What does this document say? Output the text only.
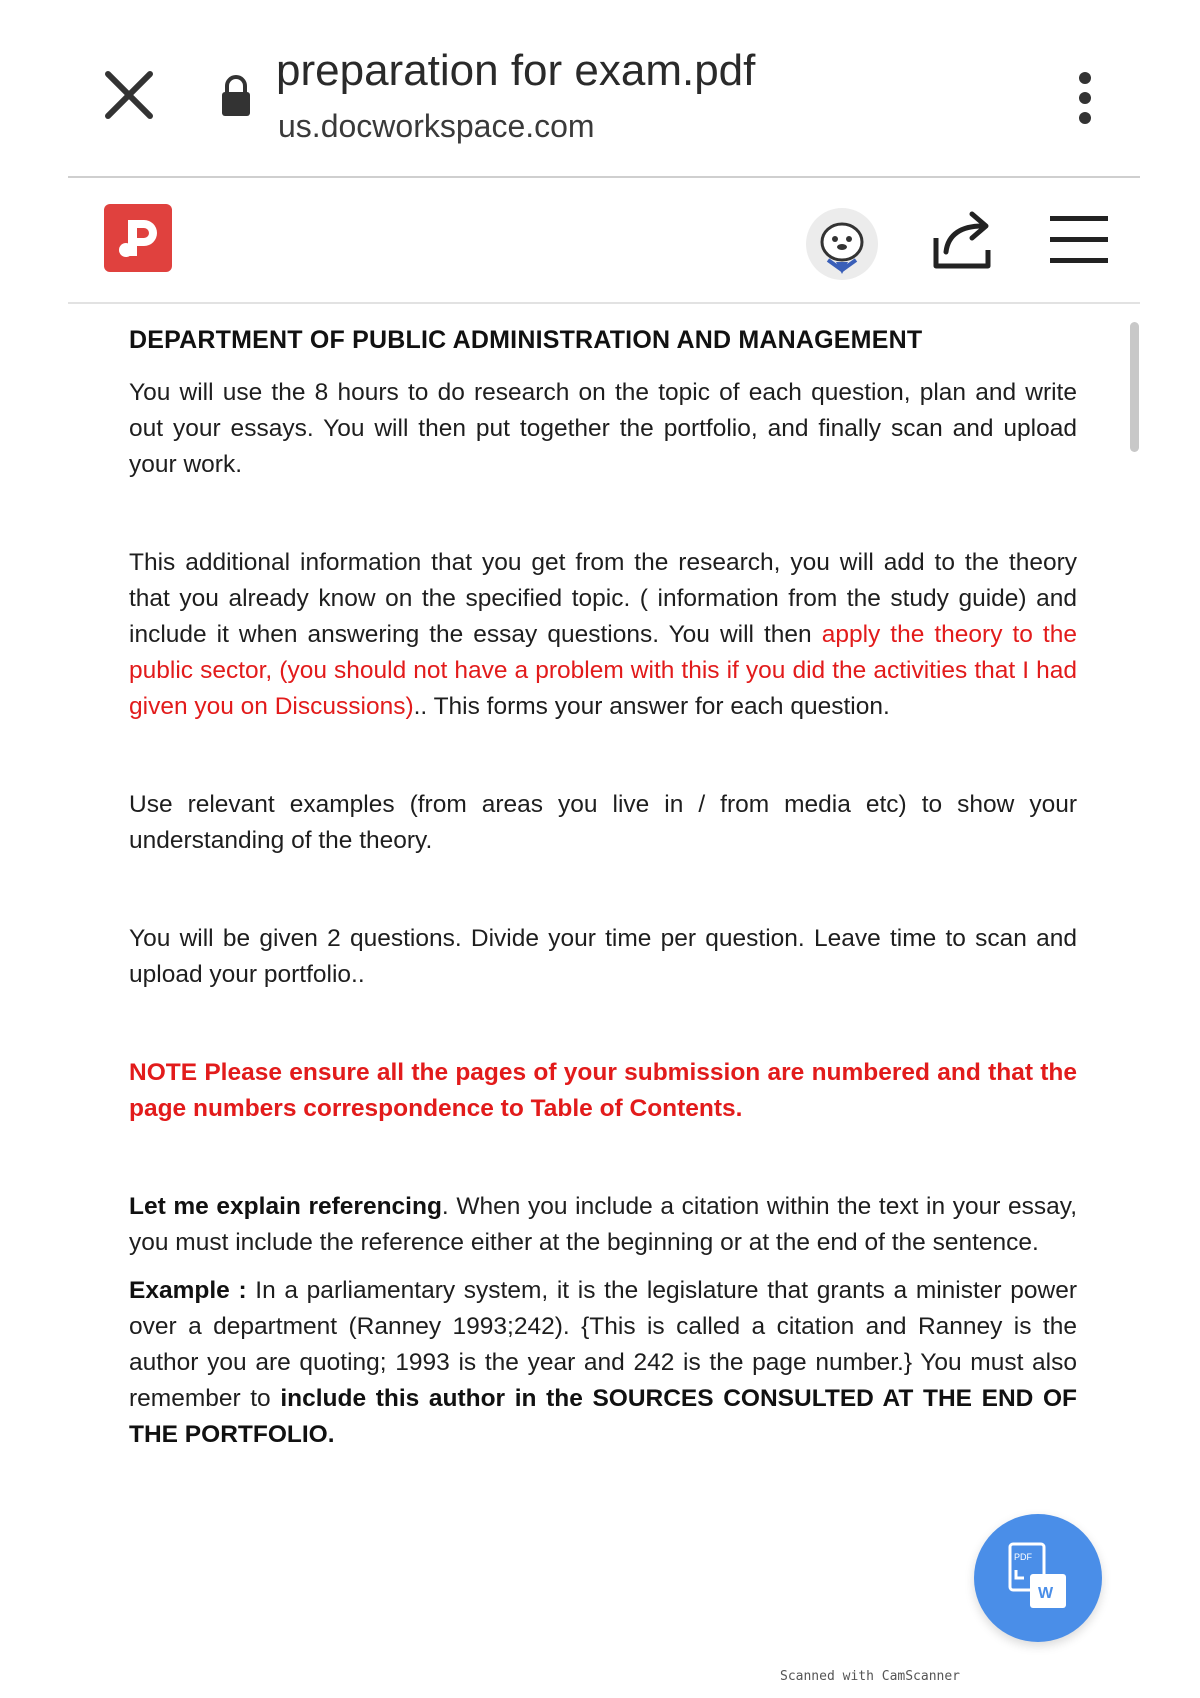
preparation for exam.pdf
us.docworkspace.com
DEPARTMENT OF PUBLIC ADMINISTRATION AND MANAGEMENT

You will use the 8 hours to do research on the topic of each question, plan and write out your essays. You will then put together the portfolio, and finally scan and upload your work.

This additional information that you get from the research, you will add to the theory that you already know on the specified topic. ( information from the study guide) and include it when answering the essay questions. You will then apply the theory to the public sector, (you should not have a problem with this if you did the activities that I had given you on Discussions).. This forms your answer for each question.

Use relevant examples (from areas you live in / from media etc) to show your understanding of the theory.

You will be given 2 questions. Divide your time per question. Leave time to scan and upload your portfolio..

NOTE Please ensure all the pages of your submission are numbered and that the page numbers correspondence to Table of Contents.

Let me explain referencing. When you include a citation within the text in your essay, you must include the reference either at the beginning or at the end of the sentence.

Example : In a parliamentary system, it is the legislature that grants a minister power over a department (Ranney 1993;242). {This is called a citation and Ranney is the author you are quoting; 1993 is the year and 242 is the page number.} You must also remember to include this author in the SOURCES CONSULTED AT THE END OF THE PORTFOLIO.

PDF
W
Scanned with CamScanner
